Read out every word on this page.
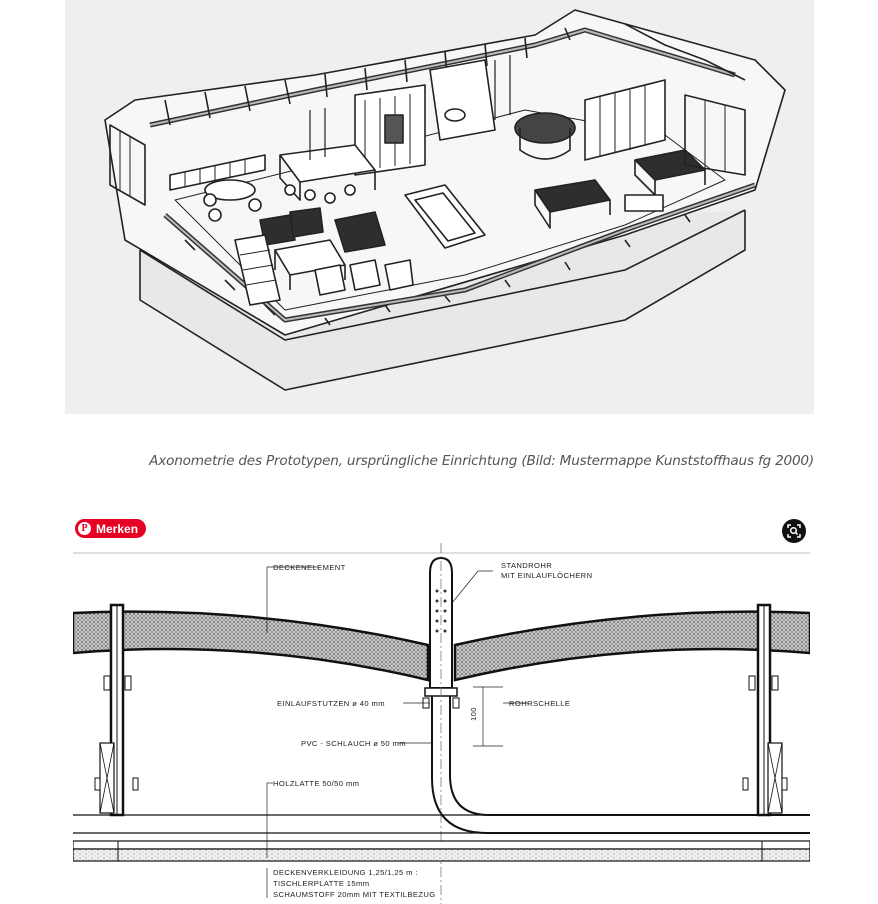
Axonometrie des Prototypen, ursprüngliche Einrichtung (Bild: Mustermappe Kunststoffhaus fg 2000)
DECKENELEMENT	STANDROHR
MIT EINLAUFLÖCHERN
EINLAUFSTUTZEN ø 40 mm	ROHRSCHELLE
100
PVC - SCHLAUCH ø 50 mm
HOLZLATTE 50/50 mm
DECKENVERKLEIDUNG 1,25/1,25 m :
TISCHLERPLATTE 15mm
SCHAUMSTOFF 20mm MIT TEXTILBEZUG
P Merken
